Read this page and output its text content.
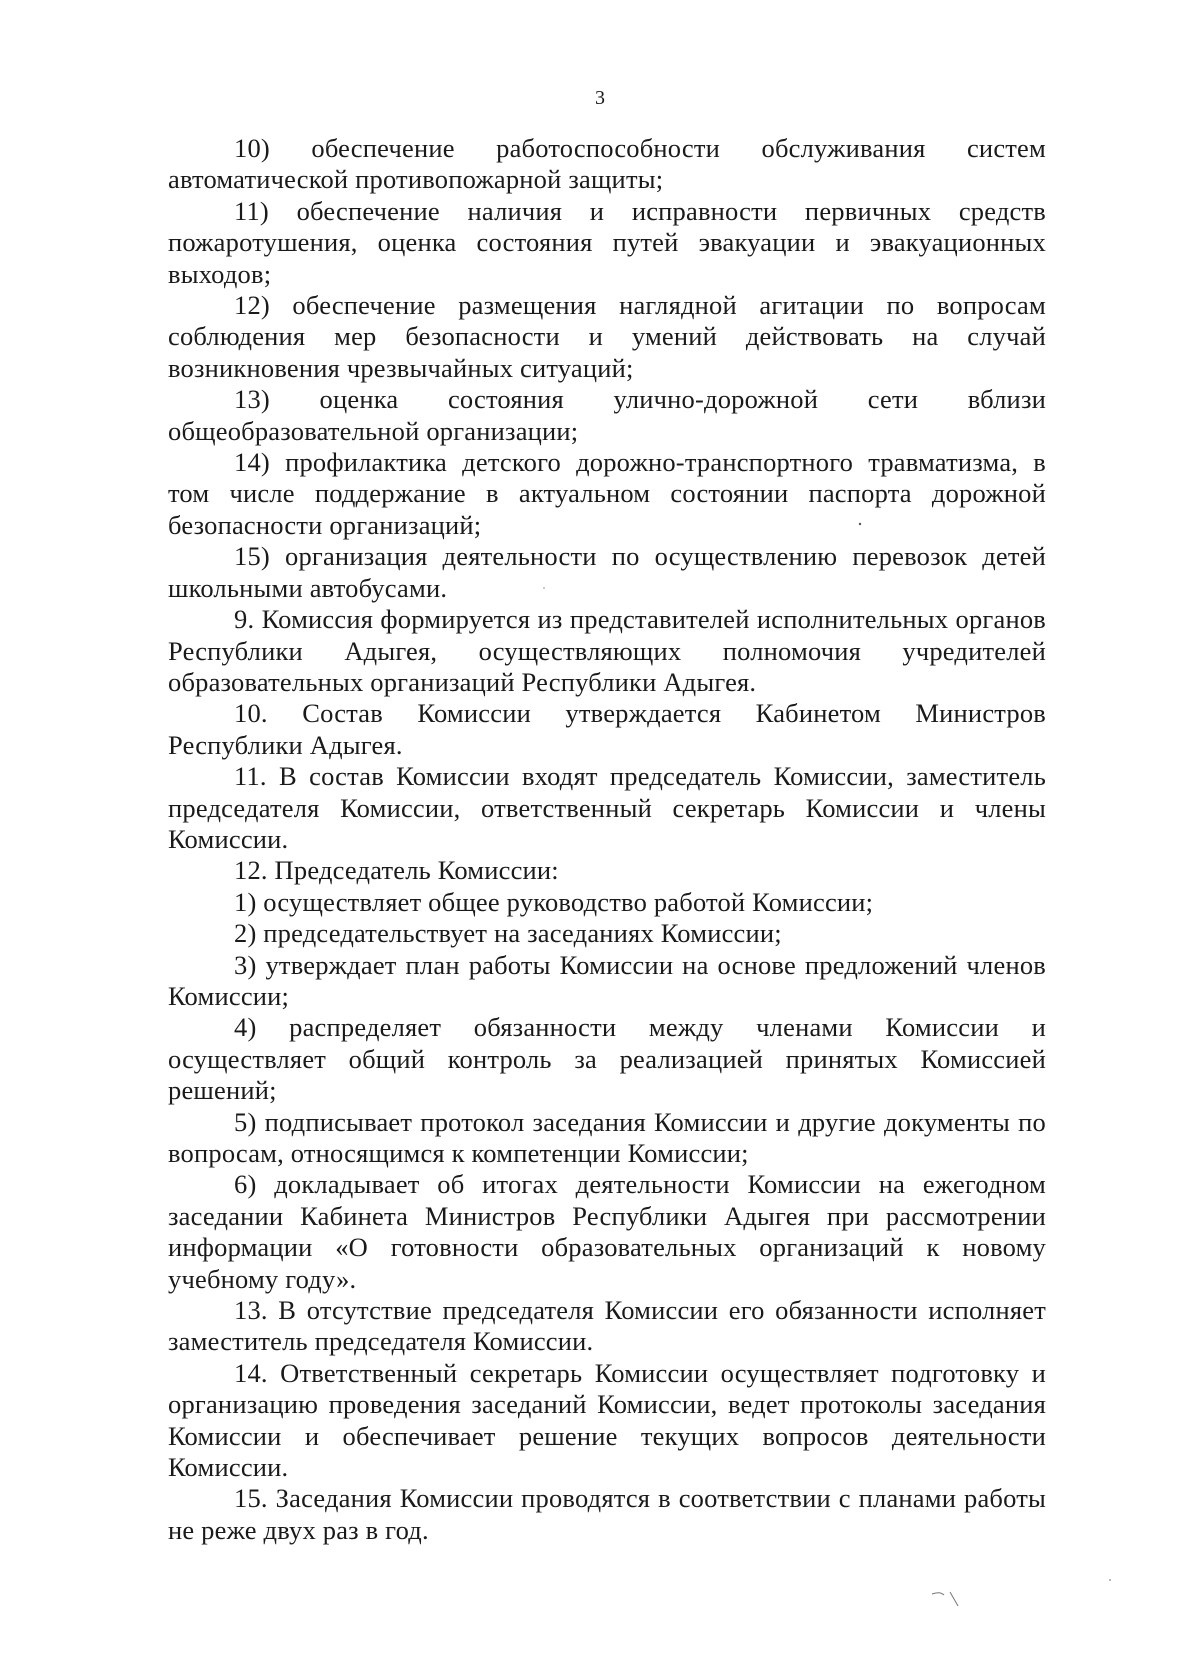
3

10) обеспечение работоспособности обслуживания систем автоматической противопожарной защиты;

11) обеспечение наличия и исправности первичных средств пожаротушения, оценка состояния путей эвакуации и эвакуационных выходов;

12) обеспечение размещения наглядной агитации по вопросам соблюдения мер безопасности и умений действовать на случай возникновения чрезвычайных ситуаций;

13) оценка состояния улично-дорожной сети вблизи общеобразовательной организации;

14) профилактика детского дорожно-транспортного травматизма, в том числе поддержание в актуальном состоянии паспорта дорожной безопасности организаций;

15) организация деятельности по осуществлению перевозок детей школьными автобусами.

9. Комиссия формируется из представителей исполнительных органов Республики Адыгея, осуществляющих полномочия учредителей образовательных организаций Республики Адыгея.

10. Состав Комиссии утверждается Кабинетом Министров Республики Адыгея.

11. В состав Комиссии входят председатель Комиссии, заместитель председателя Комиссии, ответственный секретарь Комиссии и члены Комиссии.

12. Председатель Комиссии:

1) осуществляет общее руководство работой Комиссии;

2) председательствует на заседаниях Комиссии;

3) утверждает план работы Комиссии на основе предложений членов Комиссии;

4) распределяет обязанности между членами Комиссии и осуществляет общий контроль за реализацией принятых Комиссией решений;

5) подписывает протокол заседания Комиссии и другие документы по вопросам, относящимся к компетенции Комиссии;

6) докладывает об итогах деятельности Комиссии на ежегодном заседании Кабинета Министров Республики Адыгея при рассмотрении информации «О готовности образовательных организаций к новому учебному году».

13. В отсутствие председателя Комиссии его обязанности исполняет заместитель председателя Комиссии.

14. Ответственный секретарь Комиссии осуществляет подготовку и организацию проведения заседаний Комиссии, ведет протоколы заседания Комиссии и обеспечивает решение текущих вопросов деятельности Комиссии.

15. Заседания Комиссии проводятся в соответствии с планами работы не реже двух раз в год.
